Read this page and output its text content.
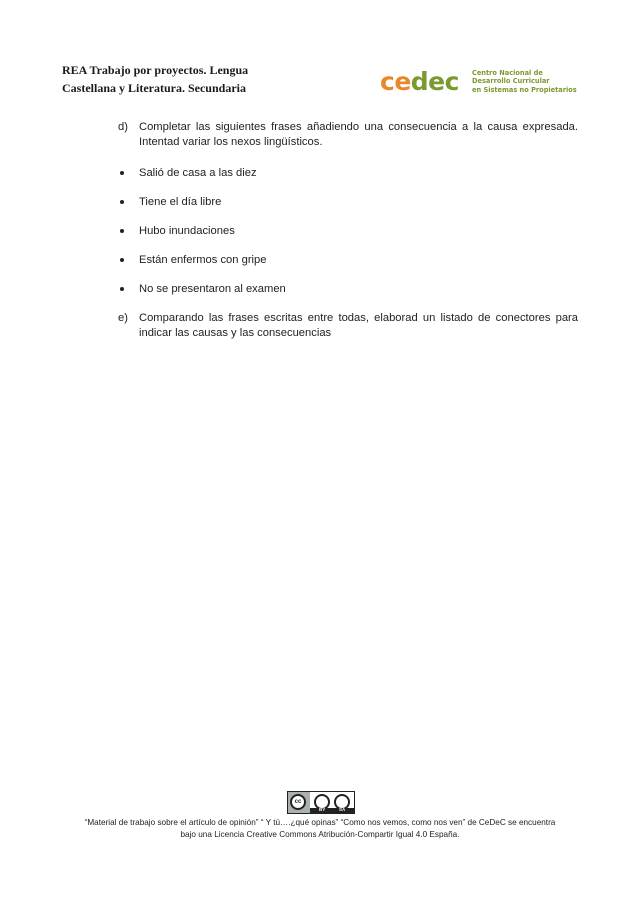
REA Trabajo por proyectos. Lengua
Castellana y Literatura. Secundaria	cedec Centro Nacional de
Desarrollo Curricular
en Sistemas no Propietarios
d) Completar las siguientes frases añadiendo una consecuencia a la causa expresada. Intentad variar los nexos lingüísticos.
Salió de casa a las diez
Tiene el día libre
Hubo inundaciones
Están enfermos con gripe
No se presentaron al examen
e) Comparando las frases escritas entre todas, elaborad un listado de conectores para indicar las causas y las consecuencias
cc
BY	SA
“Material de trabajo sobre el artículo de opinión” “ Y tú….¿qué opinas” “Como nos vemos, como nos ven” de CeDeC se encuentra
bajo una Licencia Creative Commons Atribución-Compartir Igual 4.0 España.
